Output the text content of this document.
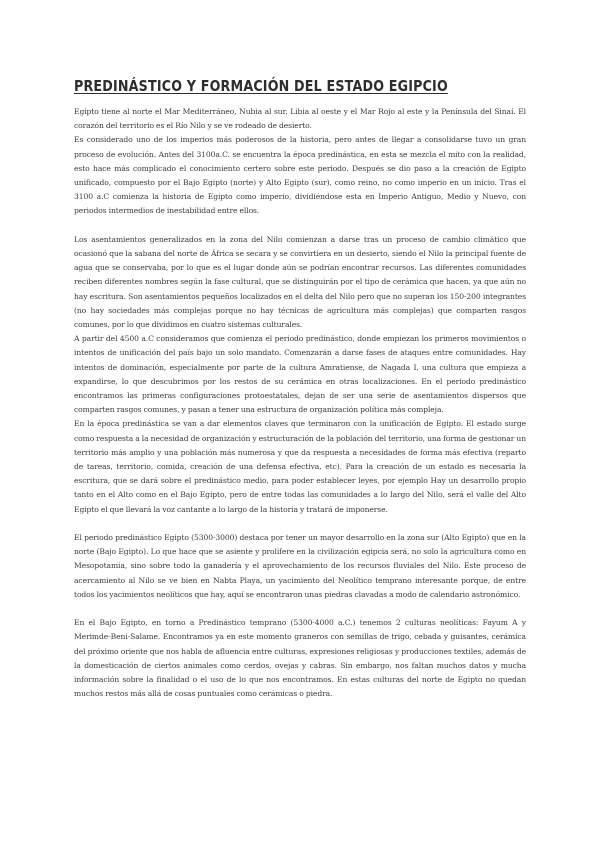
PREDINÁSTICO Y FORMACIÓN DEL ESTADO EGIPCIO

Egipto tiene al norte el Mar Mediterráneo, Nubia al sur, Libia al oeste y el Mar Rojo al este y la Península del Sinaí. El corazón del territorio es el Río Nilo y se ve rodeado de desierto.

Es considerado uno de los imperios más poderosos de la historia, pero antes de llegar a consolidarse tuvo un gran proceso de evolución. Antes del 3100a.C. se encuentra la época predinástica, en esta se mezcla el mito con la realidad, esto hace más complicado el conocimiento certero sobre este periodo. Después se dio paso a la creación de Egipto unificado, compuesto por el Bajo Egipto (norte) y Alto Egipto (sur), como reino, no como imperio en un inicio. Tras el 3100 a.C comienza la historia de Egipto como imperio, dividiéndose esta en Imperio Antiguo, Medio y Nuevo, con periodos intermedios de inestabilidad entre ellos.

Los asentamientos generalizados en la zona del Nilo comienzan a darse tras un proceso de cambio climático que ocasionó que la sabana del norte de África se secara y se convirtiera en un desierto, siendo el Nilo la principal fuente de agua que se conservaba, por lo que es el lugar donde aún se podrían encontrar recursos. Las diferentes comunidades reciben diferentes nombres según la fase cultural, que se distinguirán por el tipo de cerámica que hacen, ya que aún no hay escritura. Son asentamientos pequeños localizados en el delta del Nilo pero que no superan los 150-200 integrantes (no hay sociedades más complejas porque no hay técnicas de agricultura más complejas) que comparten rasgos comunes, por lo que dividimos en cuatro sistemas culturales.

A partir del 4500 a.C consideramos que comienza el periodo predinástico, donde empiezan los primeros movimientos o intentos de unificación del país bajo un solo mandato. Comenzarán a darse fases de ataques entre comunidades. Hay intentos de dominación, especialmente por parte de la cultura Amratiense, de Nagada I, una cultura que empieza a expandirse, lo que descubrimos por los restos de su cerámica en otras localizaciones. En el periodo predinástico encontramos las primeras configuraciones protoestatales, dejan de ser una serie de asentamientos dispersos que comparten rasgos comunes, y pasan a tener una estructura de organización política más compleja.

En la época predinástica se van a dar elementos claves que terminaron con la unificación de Egipto. El estado surge como respuesta a la necesidad de organización y estructuración de la población del territorio, una forma de gestionar un territorio más amplio y una población más numerosa y que da respuesta a necesidades de forma más efectiva (reparto de tareas, territorio, comida, creación de una defensa efectiva, etc). Para la creación de un estado es necesaria la escritura, que se dará sobre el predinástico medio, para poder establecer leyes, por ejemplo Hay un desarrollo propio tanto en el Alto como en el Bajo Egipto, pero de entre todas las comunidades a lo largo del Nilo, será el valle del Alto Egipto el que llevará la voz cantante a lo largo de la historia y tratará de imponerse.

El periodo predinástico Egipto (5300-3000) destaca por tener un mayor desarrollo en la zona sur (Alto Egipto) que en la norte (Bajo Egipto). Lo que hace que se asiente y prolifere en la civilización egipcia será, no solo la agricultura como en Mesopotamia, sino sobre todo la ganadería y el aprovechamiento de los recursos fluviales del Nilo. Este proceso de acercamiento al Nilo se ve bien en Nabta Playa, un yacimiento del Neolítico temprano interesante porque, de entre todos los yacimientos neolíticos que hay, aquí se encontraron unas piedras clavadas a modo de calendario astronómico.

En el Bajo Egipto, en torno a Predinástico temprano (5300-4000 a.C.) tenemos 2 culturas neolíticas: Fayum A y Merimde-Beni-Salame. Encontramos ya en este momento graneros con semillas de trigo, cebada y guisantes, cerámica del próximo oriente que nos habla de afluencia entre culturas, expresiones religiosas y producciones textiles, además de la domesticación de ciertos animales como cerdos, ovejas y cabras. Sin embargo, nos faltan muchos datos y mucha información sobre la finalidad o el uso de lo que nos encontramos. En estas culturas del norte de Egipto no quedan muchos restos más allá de cosas puntuales como cerámicas o piedra.
